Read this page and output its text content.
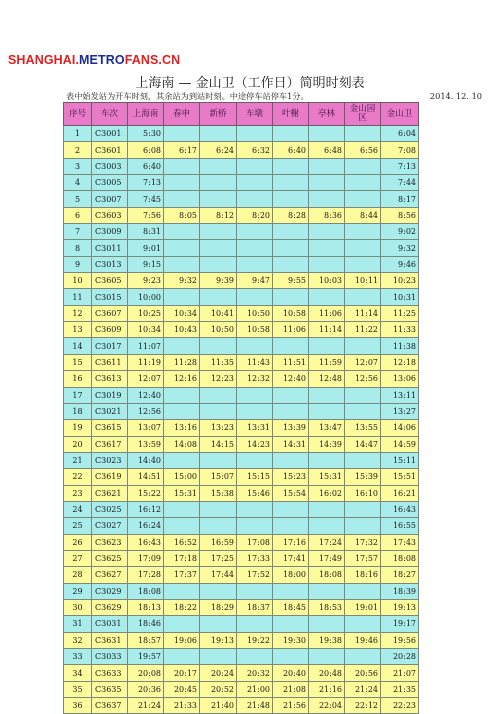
SHANGHAI.METROFANS.CN
上海南 — 金山卫（工作日）简明时刻表
表中始发站为开车时刻，其余站为到站时刻。中途停车站停车1分。	2014. 12. 10
序号	车次	上海南	春申	新桥	车墩	叶榭	亭林	金山园区	金山卫
1	C3001	5:30							6:04
2	C3601	6:08	6:17	6:24	6:32	6:40	6:48	6:56	7:08
3	C3003	6:40							7:13
4	C3005	7:13							7:44
5	C3007	7:45							8:17
6	C3603	7:56	8:05	8:12	8:20	8:28	8:36	8:44	8:56
7	C3009	8:31							9:02
8	C3011	9:01							9:32
9	C3013	9:15							9:46
10	C3605	9:23	9:32	9:39	9:47	9:55	10:03	10:11	10:23
11	C3015	10:00							10:31
12	C3607	10:25	10:34	10:41	10:50	10:58	11:06	11:14	11:25
13	C3609	10:34	10:43	10:50	10:58	11:06	11:14	11:22	11:33
14	C3017	11:07							11:38
15	C3611	11:19	11:28	11:35	11:43	11:51	11:59	12:07	12:18
16	C3613	12:07	12:16	12:23	12:32	12:40	12:48	12:56	13:06
17	C3019	12:40							13:11
18	C3021	12:56							13:27
19	C3615	13:07	13:16	13:23	13:31	13:39	13:47	13:55	14:06
20	C3617	13:59	14:08	14:15	14:23	14:31	14:39	14:47	14:59
21	C3023	14:40							15:11
22	C3619	14:51	15:00	15:07	15:15	15:23	15:31	15:39	15:51
23	C3621	15:22	15:31	15:38	15:46	15:54	16:02	16:10	16:21
24	C3025	16:12							16:43
25	C3027	16:24							16:55
26	C3623	16:43	16:52	16:59	17:08	17:16	17:24	17:32	17:43
27	C3625	17:09	17:18	17:25	17:33	17:41	17:49	17:57	18:08
28	C3627	17:28	17:37	17:44	17:52	18:00	18:08	18:16	18:27
29	C3029	18:08							18:39
30	C3629	18:13	18:22	18:29	18:37	18:45	18:53	19:01	19:13
31	C3031	18:46							19:17
32	C3631	18:57	19:06	19:13	19:22	19:30	19:38	19:46	19:56
33	C3033	19:57							20:28
34	C3633	20:08	20:17	20:24	20:32	20:40	20:48	20:56	21:07
35	C3635	20:36	20:45	20:52	21:00	21:08	21:16	21:24	21:35
36	C3637	21:24	21:33	21:40	21:48	21:56	22:04	22:12	22:23
